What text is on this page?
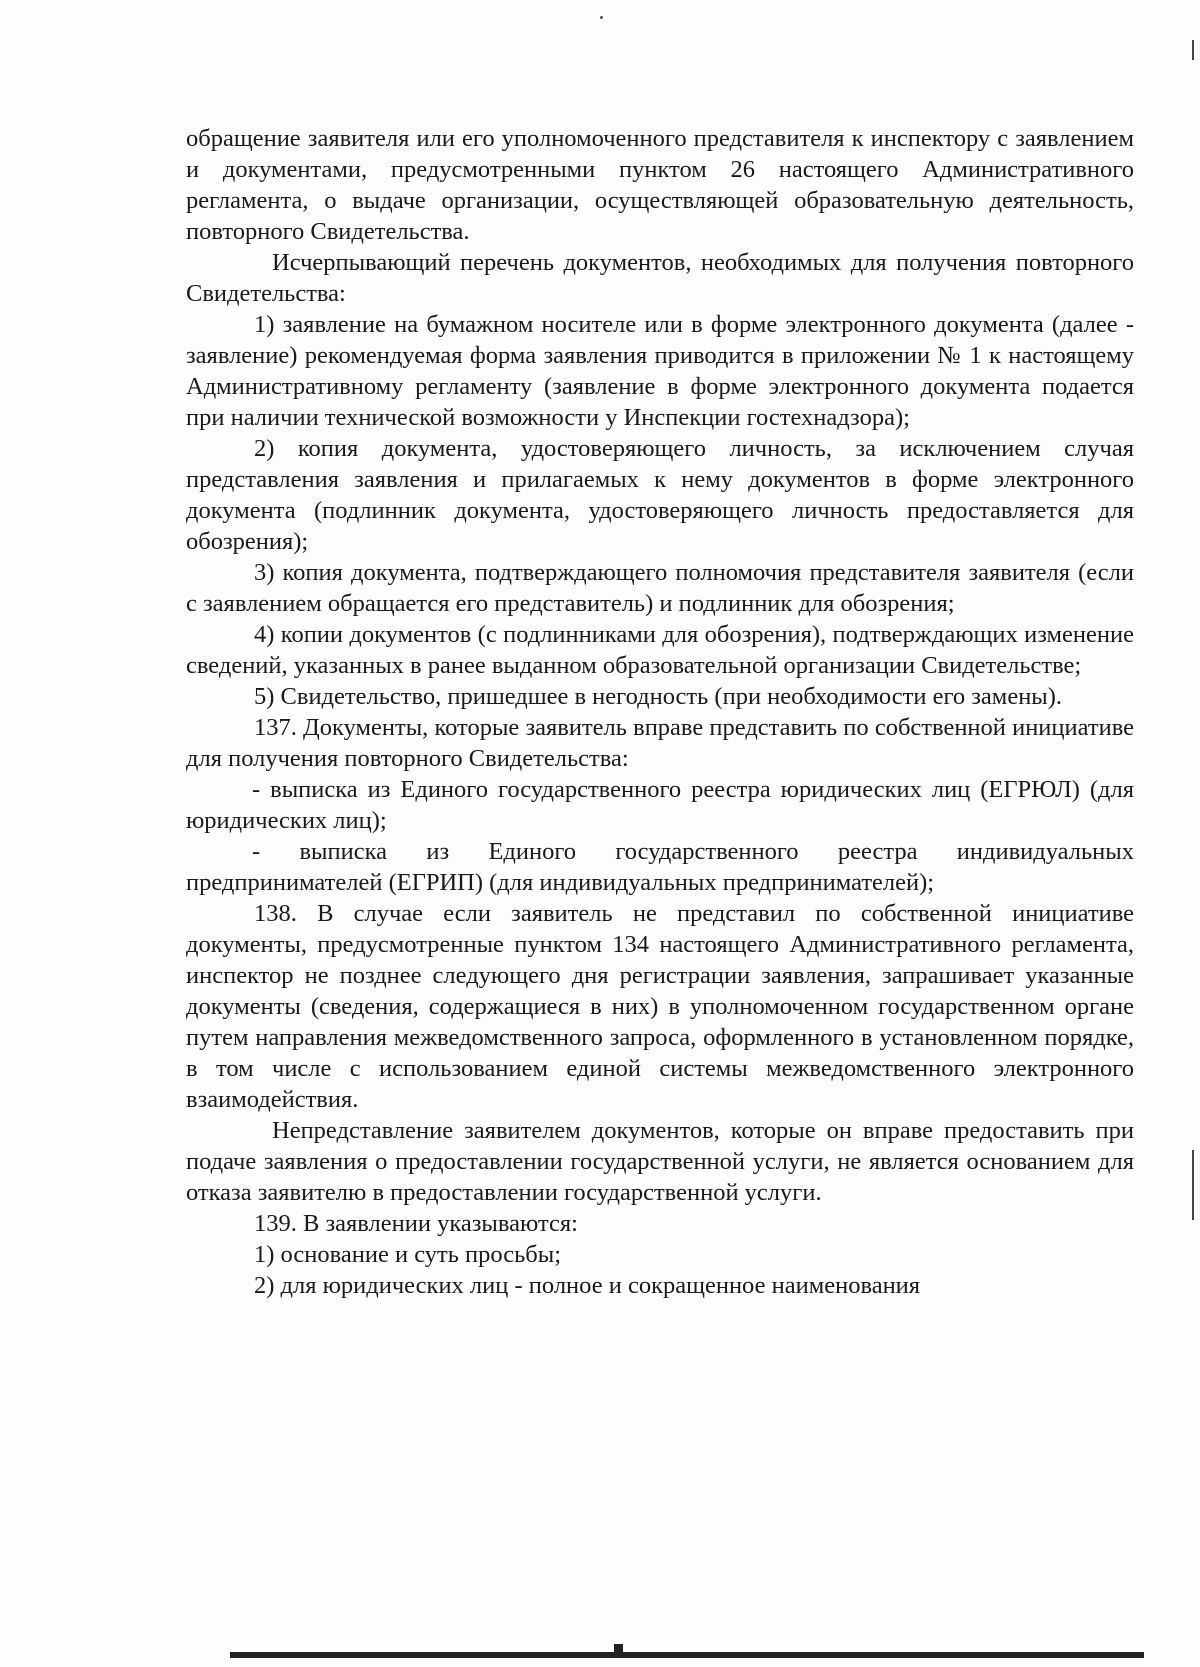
обращение заявителя или его уполномоченного представителя к инспектору с заявлением и документами, предусмотренными пунктом 26 настоящего Административного регламента, о выдаче организации, осуществляющей образовательную деятельность, повторного Свидетельства.

Исчерпывающий перечень документов, необходимых для получения повторного Свидетельства:

1) заявление на бумажном носителе или в форме электронного документа (далее - заявление) рекомендуемая форма заявления приводится в приложении № 1 к настоящему Административному регламенту (заявление в форме электронного документа подается при наличии технической возможности у Инспекции гостехнадзора);

2) копия документа, удостоверяющего личность, за исключением случая представления заявления и прилагаемых к нему документов в форме электронного документа (подлинник документа, удостоверяющего личность предоставляется для обозрения);

3) копия документа, подтверждающего полномочия представителя заявителя (если с заявлением обращается его представитель) и подлинник для обозрения;

4) копии документов (с подлинниками для обозрения), подтверждающих изменение сведений, указанных в ранее выданном образовательной организации Свидетельстве;

5) Свидетельство, пришедшее в негодность (при необходимости его замены).

137. Документы, которые заявитель вправе представить по собственной инициативе для получения повторного Свидетельства:

- выписка из Единого государственного реестра юридических лиц (ЕГРЮЛ) (для юридических лиц);

- выписка из Единого государственного реестра индивидуальных предпринимателей (ЕГРИП) (для индивидуальных предпринимателей);

138. В случае если заявитель не представил по собственной инициативе документы, предусмотренные пунктом 134 настоящего Административного регламента, инспектор не позднее следующего дня регистрации заявления, запрашивает указанные документы (сведения, содержащиеся в них) в уполномоченном государственном органе путем направления межведомственного запроса, оформленного в установленном порядке, в том числе с использованием единой системы межведомственного электронного взаимодействия.

Непредставление заявителем документов, которые он вправе предоставить при подаче заявления о предоставлении государственной услуги, не является основанием для отказа заявителю в предоставлении государственной услуги.

139. В заявлении указываются:

1) основание и суть просьбы;

2) для юридических лиц - полное и сокращенное наименования
